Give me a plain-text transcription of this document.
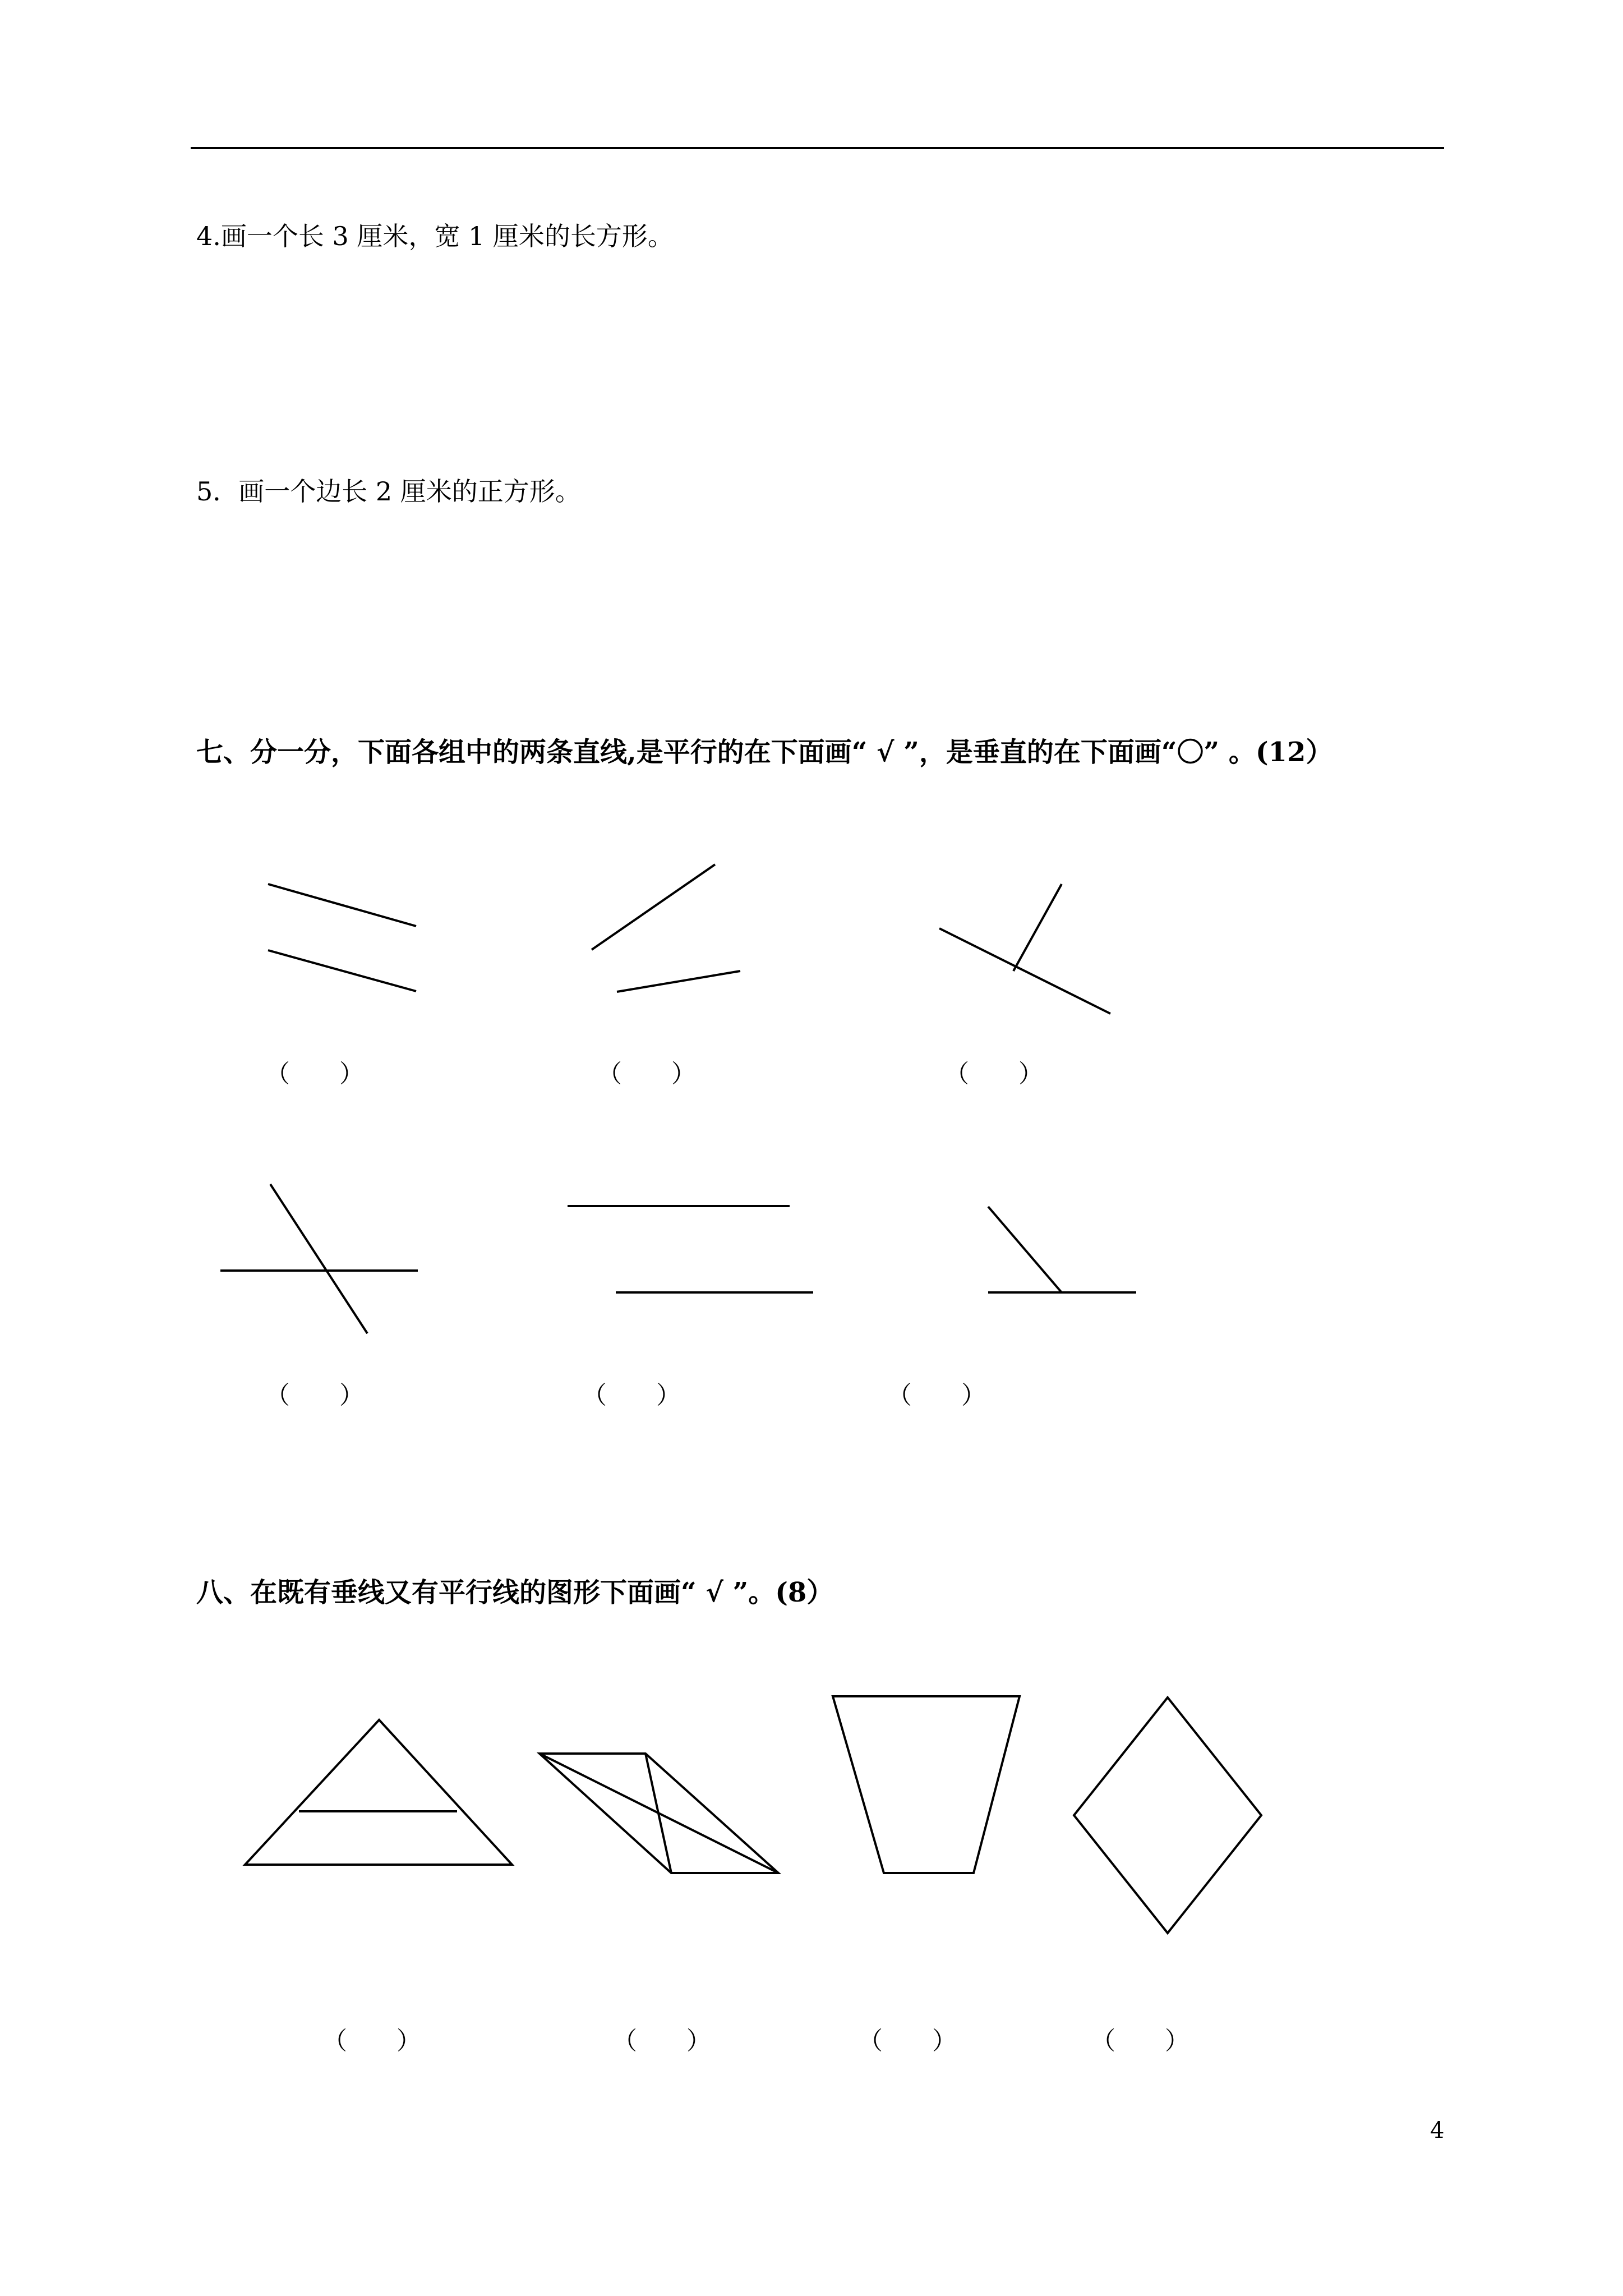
4.画一个长 3 厘米，宽 1 厘米的长方形。
5．画一个边长 2 厘米的正方形。
七、分一分，下面各组中的两条直线,是平行的在下面画“ √ ”，是垂直的在下面画“〇” 。(12）
（　　）	（　　）	（　　）
（　　）	（　　）	（　　）
八、在既有垂线又有平行线的图形下面画“ √ ”。(8）
（　　）	（　　）	（　　）	（　　）
4
